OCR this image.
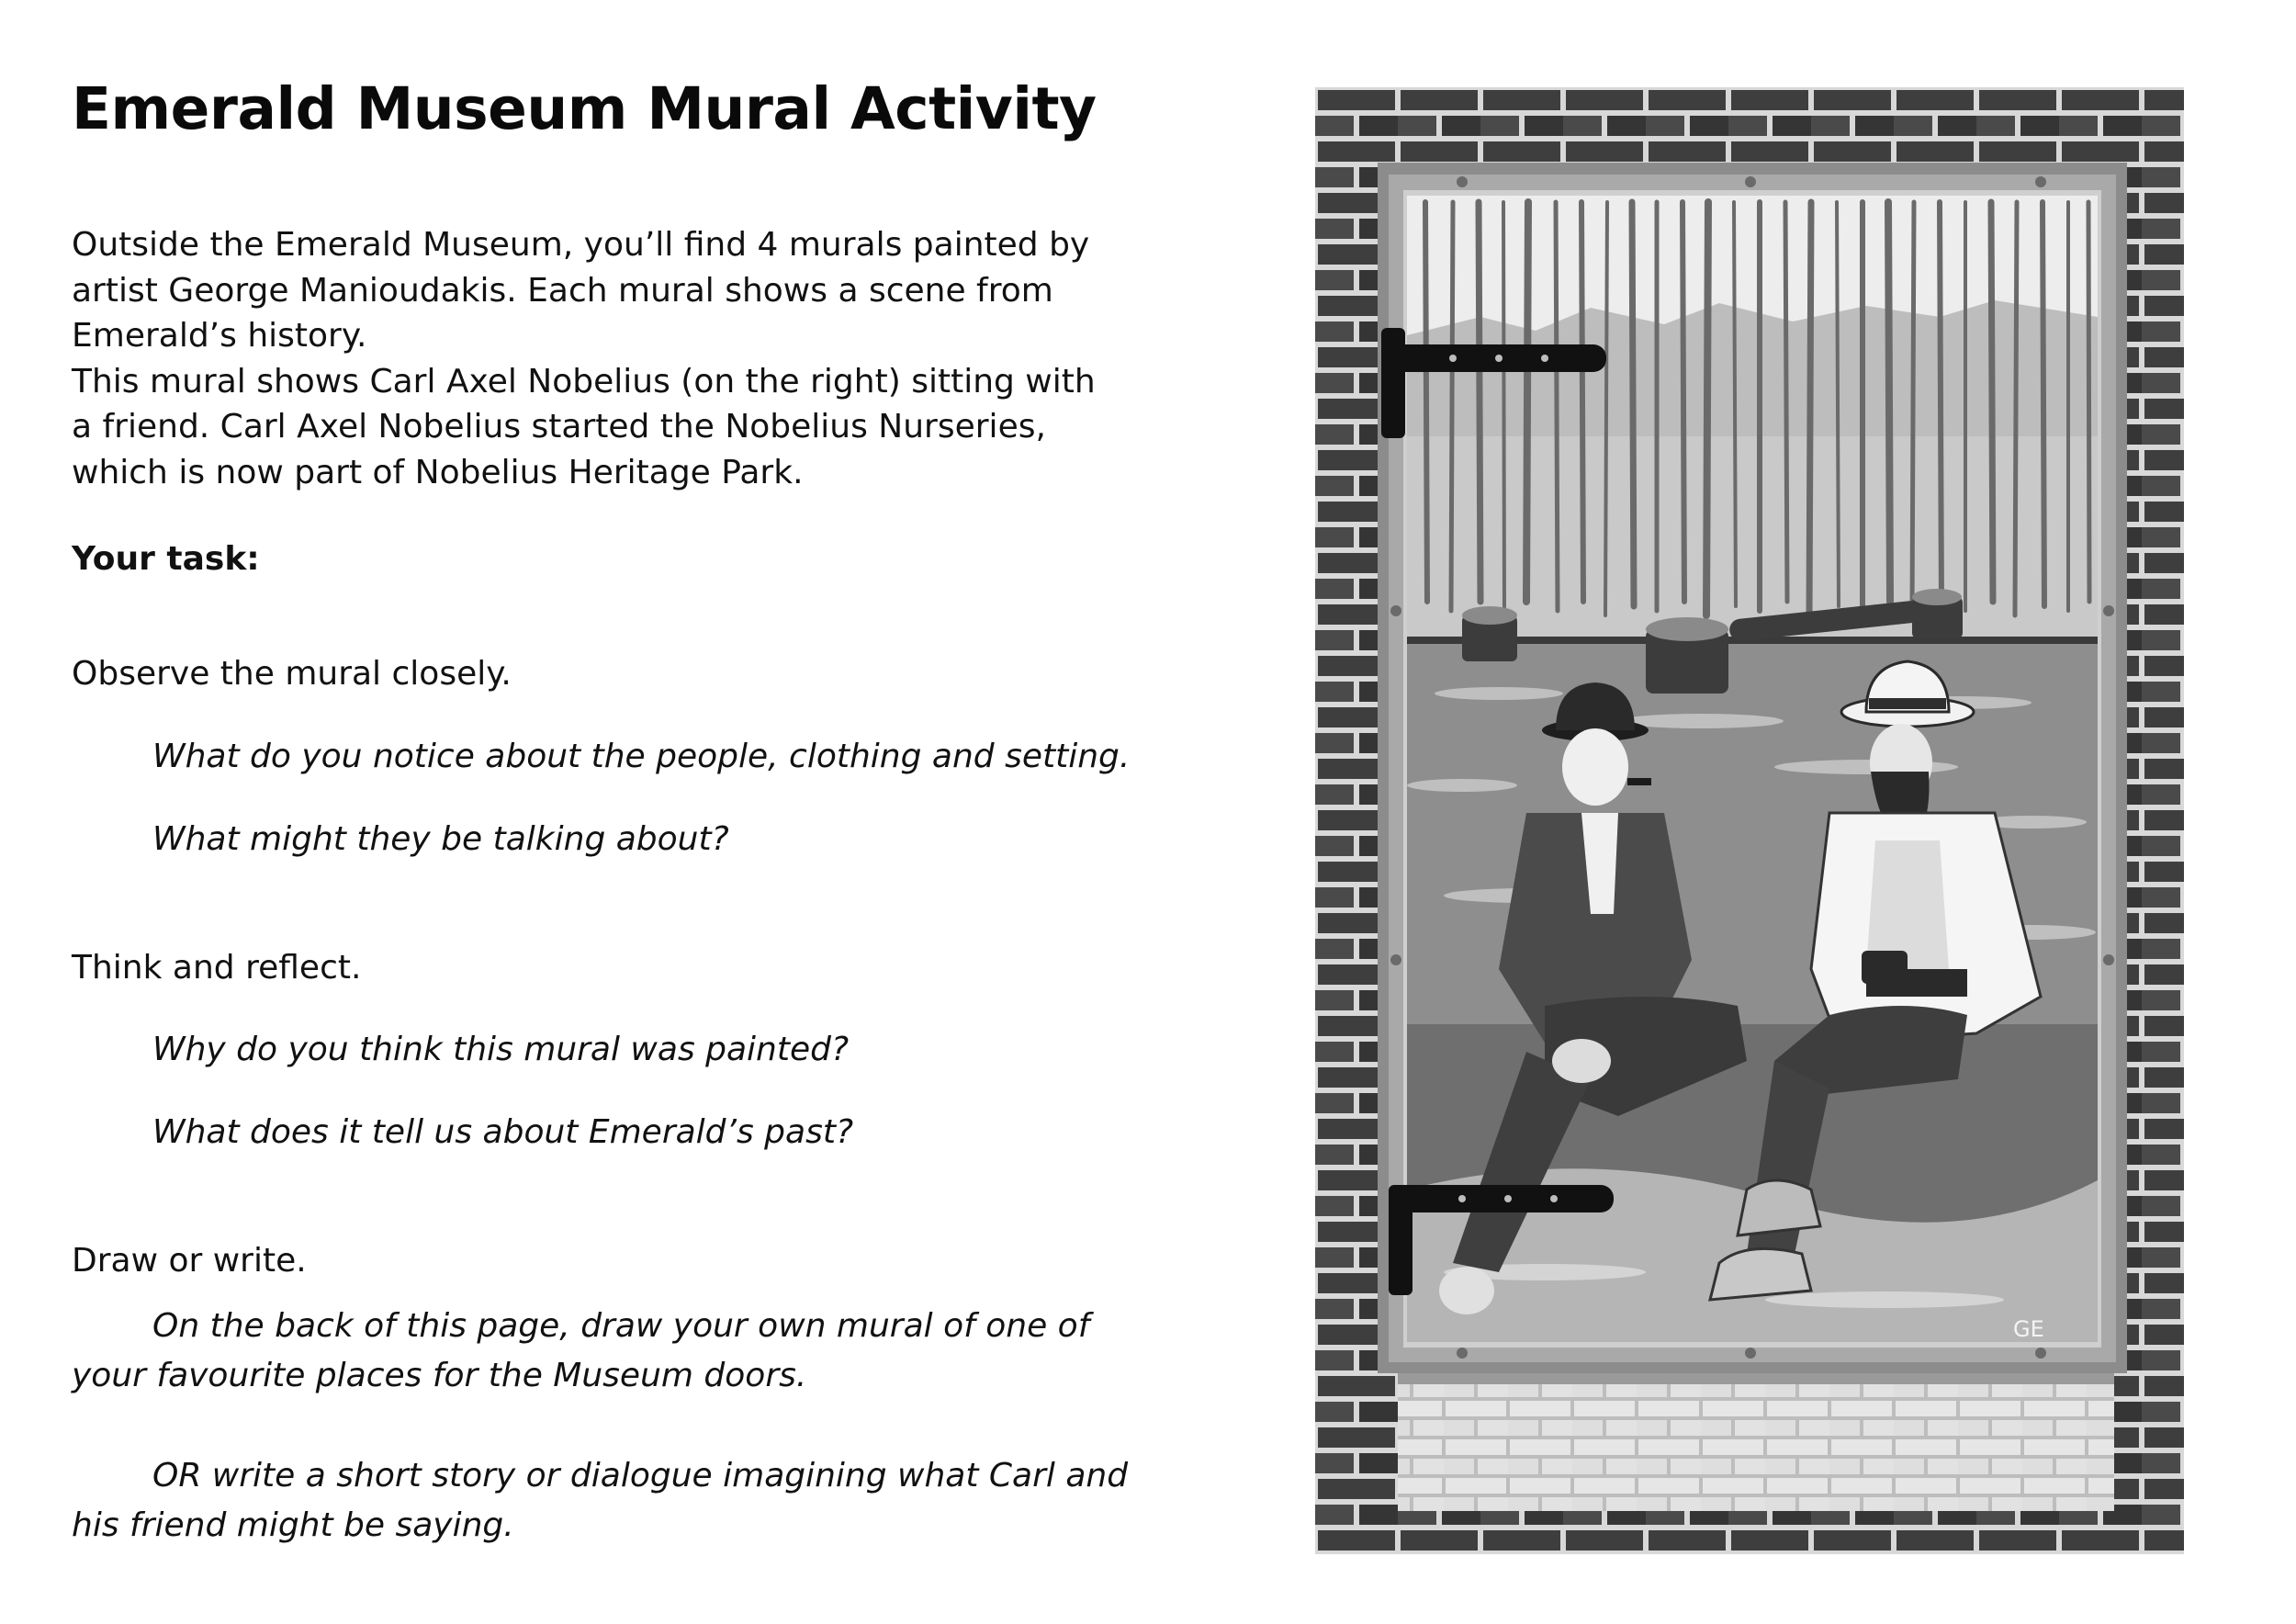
Emerald Museum Mural Activity

Outside the Emerald Museum, you’ll find 4 murals painted by artist George Manioudakis. Each mural shows a scene from Emerald’s history.

This mural shows Carl Axel Nobelius (on the right) sitting with a friend. Carl Axel Nobelius started the Nobelius Nurseries, which is now part of Nobelius Heritage Park.

Your task:

Observe the mural closely.

What do you notice about the people, clothing and setting.

What might they be talking about?

Think and reflect.

Why do you think this mural was painted?

What does it tell us about Emerald’s past?

Draw or write.

On the back of this page, draw your own mural of one of your favourite places for the Museum doors.

OR write a short story or dialogue imagining what Carl and his friend might be saying.

GE
